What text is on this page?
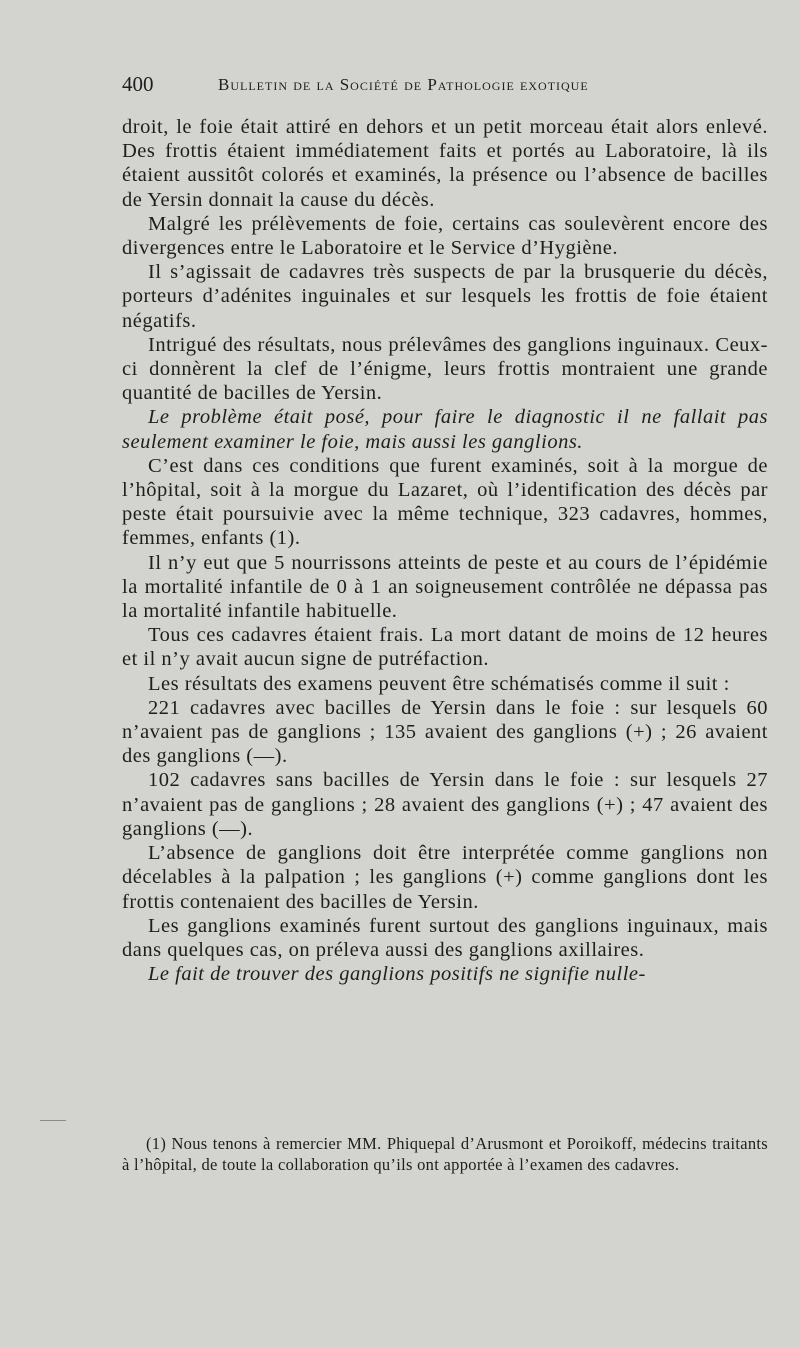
400	Bulletin de la Société de Pathologie exotique

droit, le foie était attiré en dehors et un petit morceau était alors enlevé. Des frottis étaient immédiatement faits et portés au Laboratoire, là ils étaient aussitôt colorés et examinés, la présence ou l’absence de bacilles de Yersin donnait la cause du décès.

Malgré les prélèvements de foie, certains cas soulevèrent encore des divergences entre le Laboratoire et le Service d’Hygiène.

Il s’agissait de cadavres très suspects de par la brusquerie du décès, porteurs d’adénites inguinales et sur lesquels les frottis de foie étaient négatifs.

Intrigué des résultats, nous prélevâmes des ganglions inguinaux. Ceux-ci donnèrent la clef de l’énigme, leurs frottis montraient une grande quantité de bacilles de Yersin.

Le problème était posé, pour faire le diagnostic il ne fallait pas seulement examiner le foie, mais aussi les ganglions.

C’est dans ces conditions que furent examinés, soit à la morgue de l’hôpital, soit à la morgue du Lazaret, où l’identification des décès par peste était poursuivie avec la même technique, 323 cadavres, hommes, femmes, enfants (1).

Il n’y eut que 5 nourrissons atteints de peste et au cours de l’épidémie la mortalité infantile de 0 à 1 an soigneusement contrôlée ne dépassa pas la mortalité infantile habituelle.

Tous ces cadavres étaient frais. La mort datant de moins de 12 heures et il n’y avait aucun signe de putréfaction.

Les résultats des examens peuvent être schématisés comme il suit :

221 cadavres avec bacilles de Yersin dans le foie : sur lesquels 60 n’avaient pas de ganglions ; 135 avaient des ganglions (+) ; 26 avaient des ganglions (—).

102 cadavres sans bacilles de Yersin dans le foie : sur lesquels 27 n’avaient pas de ganglions ; 28 avaient des ganglions (+) ; 47 avaient des ganglions (—).

L’absence de ganglions doit être interprétée comme ganglions non décelables à la palpation ; les ganglions (+) comme ganglions dont les frottis contenaient des bacilles de Yersin.

Les ganglions examinés furent surtout des ganglions inguinaux, mais dans quelques cas, on préleva aussi des ganglions axillaires.

Le fait de trouver des ganglions positifs ne signifie nulle-

(1) Nous tenons à remercier MM. Phiquepal d’Arusmont et Poroikoff, médecins traitants à l’hôpital, de toute la collaboration qu’ils ont apportée à l’examen des cadavres.
